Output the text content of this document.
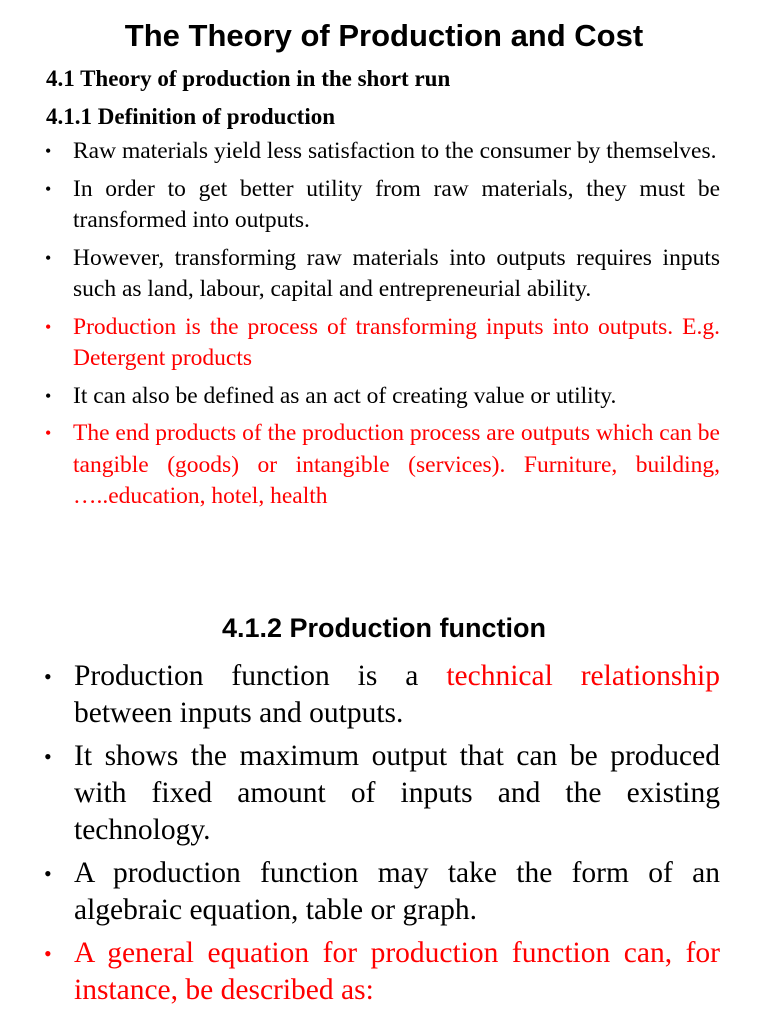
The Theory of Production and Cost
4.1 Theory of production in the short run
4.1.1 Definition of production
• Raw materials yield less satisfaction to the consumer by themselves.
• In order to get better utility from raw materials, they must be transformed into outputs.
• However, transforming raw materials into outputs requires inputs such as land, labour, capital and entrepreneurial ability.
• Production is the process of transforming inputs into outputs. E.g. Detergent products
• It can also be defined as an act of creating value or utility.
• The end products of the production process are outputs which can be tangible (goods) or intangible (services). Furniture, building, …..education, hotel, health
4.1.2 Production function
• Production function is a technical relationship between inputs and outputs.
• It shows the maximum output that can be produced with fixed amount of inputs and the existing technology.
• A production function may take the form of an algebraic equation, table or graph.
• A general equation for production function can, for instance, be described as:
